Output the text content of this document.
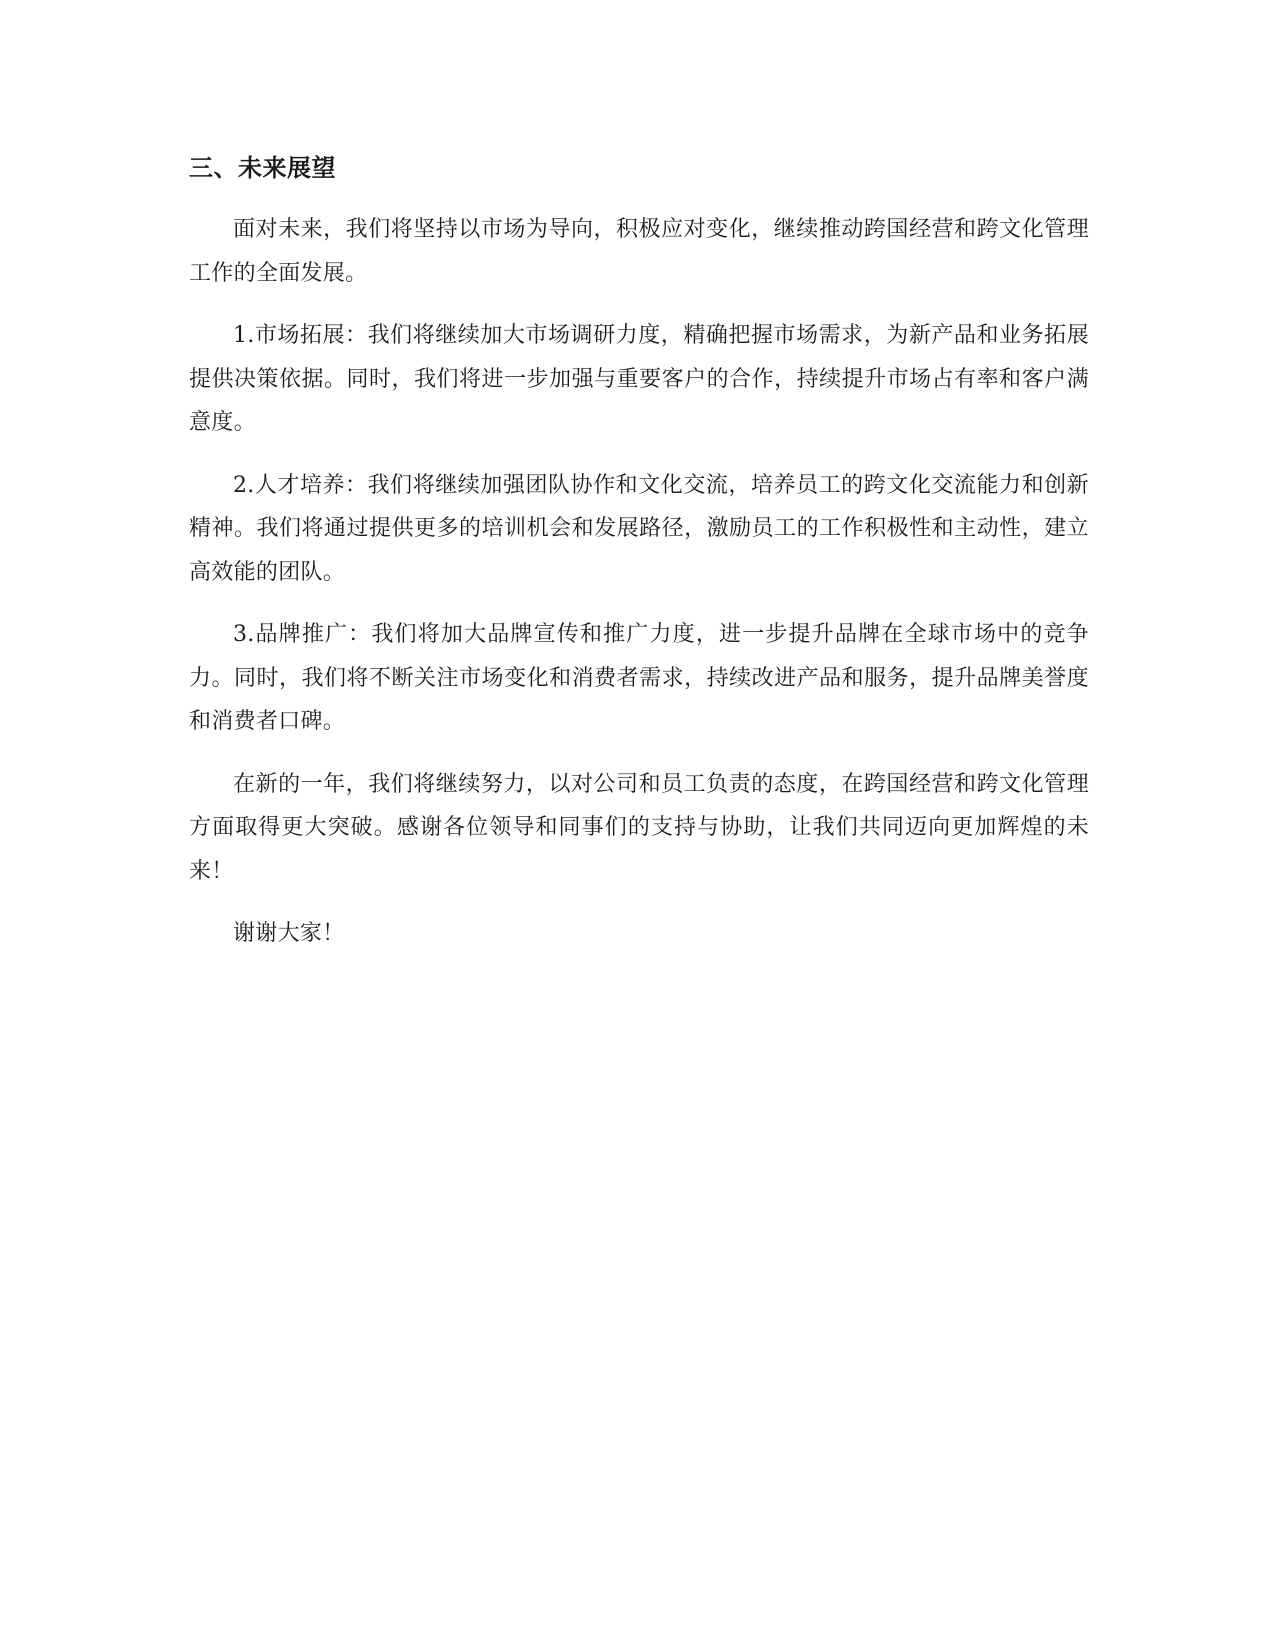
三、未来展望

面对未来，我们将坚持以市场为导向，积极应对变化，继续推动跨国经营和跨文化管理工作的全面发展。

1.市场拓展：我们将继续加大市场调研力度，精确把握市场需求，为新产品和业务拓展提供决策依据。同时，我们将进一步加强与重要客户的合作，持续提升市场占有率和客户满意度。

2.人才培养：我们将继续加强团队协作和文化交流，培养员工的跨文化交流能力和创新精神。我们将通过提供更多的培训机会和发展路径，激励员工的工作积极性和主动性，建立高效能的团队。

3.品牌推广：我们将加大品牌宣传和推广力度，进一步提升品牌在全球市场中的竞争力。同时，我们将不断关注市场变化和消费者需求，持续改进产品和服务，提升品牌美誉度和消费者口碑。

在新的一年，我们将继续努力，以对公司和员工负责的态度，在跨国经营和跨文化管理方面取得更大突破。感谢各位领导和同事们的支持与协助，让我们共同迈向更加辉煌的未来！

谢谢大家！
